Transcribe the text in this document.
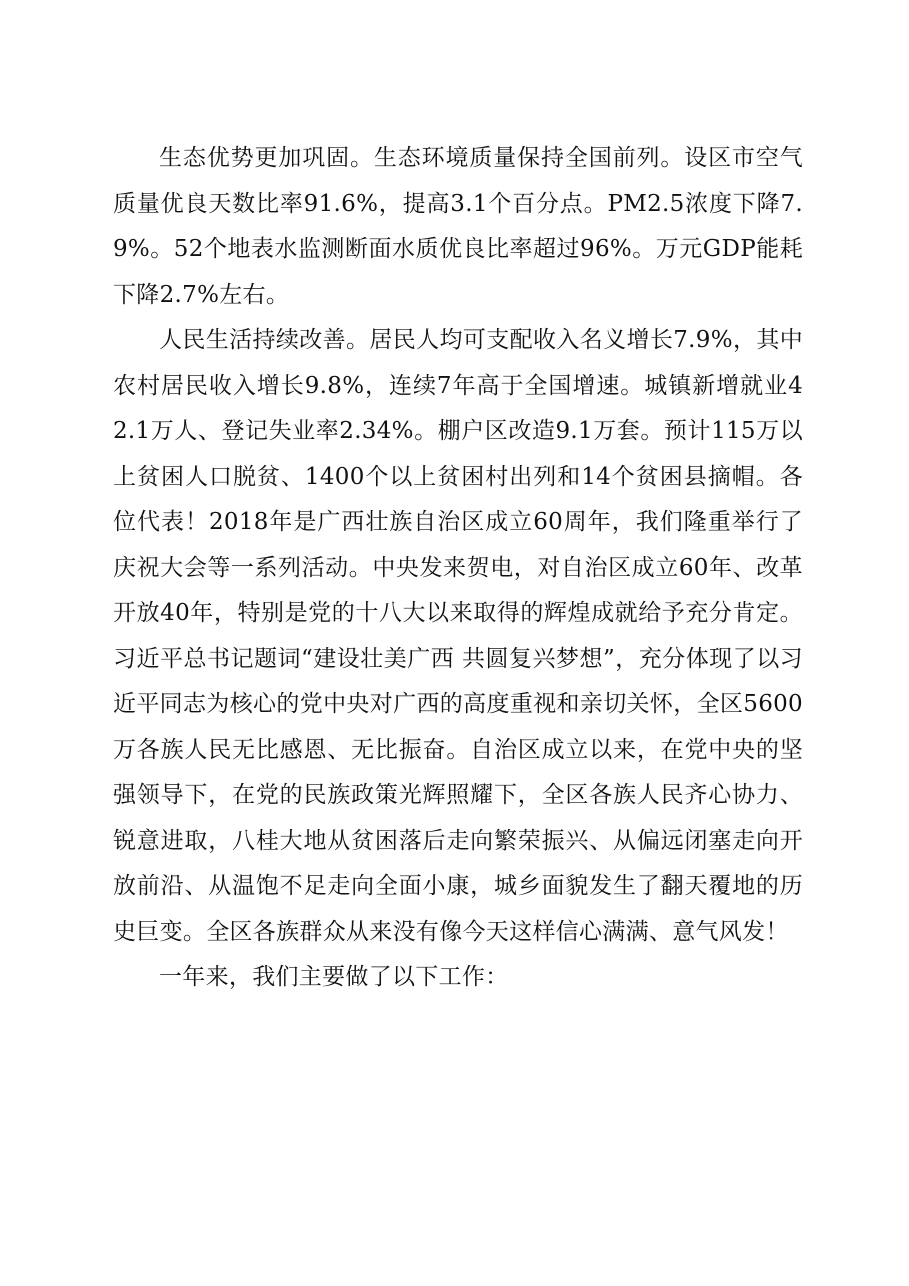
生态优势更加巩固。生态环境质量保持全国前列。设区市空气质量优良天数比率91.6%，提高3.1个百分点。PM2.5浓度下降7.9%。52个地表水监测断面水质优良比率超过96%。万元GDP能耗下降2.7%左右。

人民生活持续改善。居民人均可支配收入名义增长7.9%，其中农村居民收入增长9.8%，连续7年高于全国增速。城镇新增就业42.1万人、登记失业率2.34%。棚户区改造9.1万套。预计115万以上贫困人口脱贫、1400个以上贫困村出列和14个贫困县摘帽。各位代表！2018年是广西壮族自治区成立60周年，我们隆重举行了庆祝大会等一系列活动。中央发来贺电，对自治区成立60年、改革开放40年，特别是党的十八大以来取得的辉煌成就给予充分肯定。习近平总书记题词“建设壮美广西 共圆复兴梦想”，充分体现了以习近平同志为核心的党中央对广西的高度重视和亲切关怀，全区5600万各族人民无比感恩、无比振奋。自治区成立以来，在党中央的坚强领导下，在党的民族政策光辉照耀下，全区各族人民齐心协力、锐意进取，八桂大地从贫困落后走向繁荣振兴、从偏远闭塞走向开放前沿、从温饱不足走向全面小康，城乡面貌发生了翻天覆地的历史巨变。全区各族群众从来没有像今天这样信心满满、意气风发！

一年来，我们主要做了以下工作：
